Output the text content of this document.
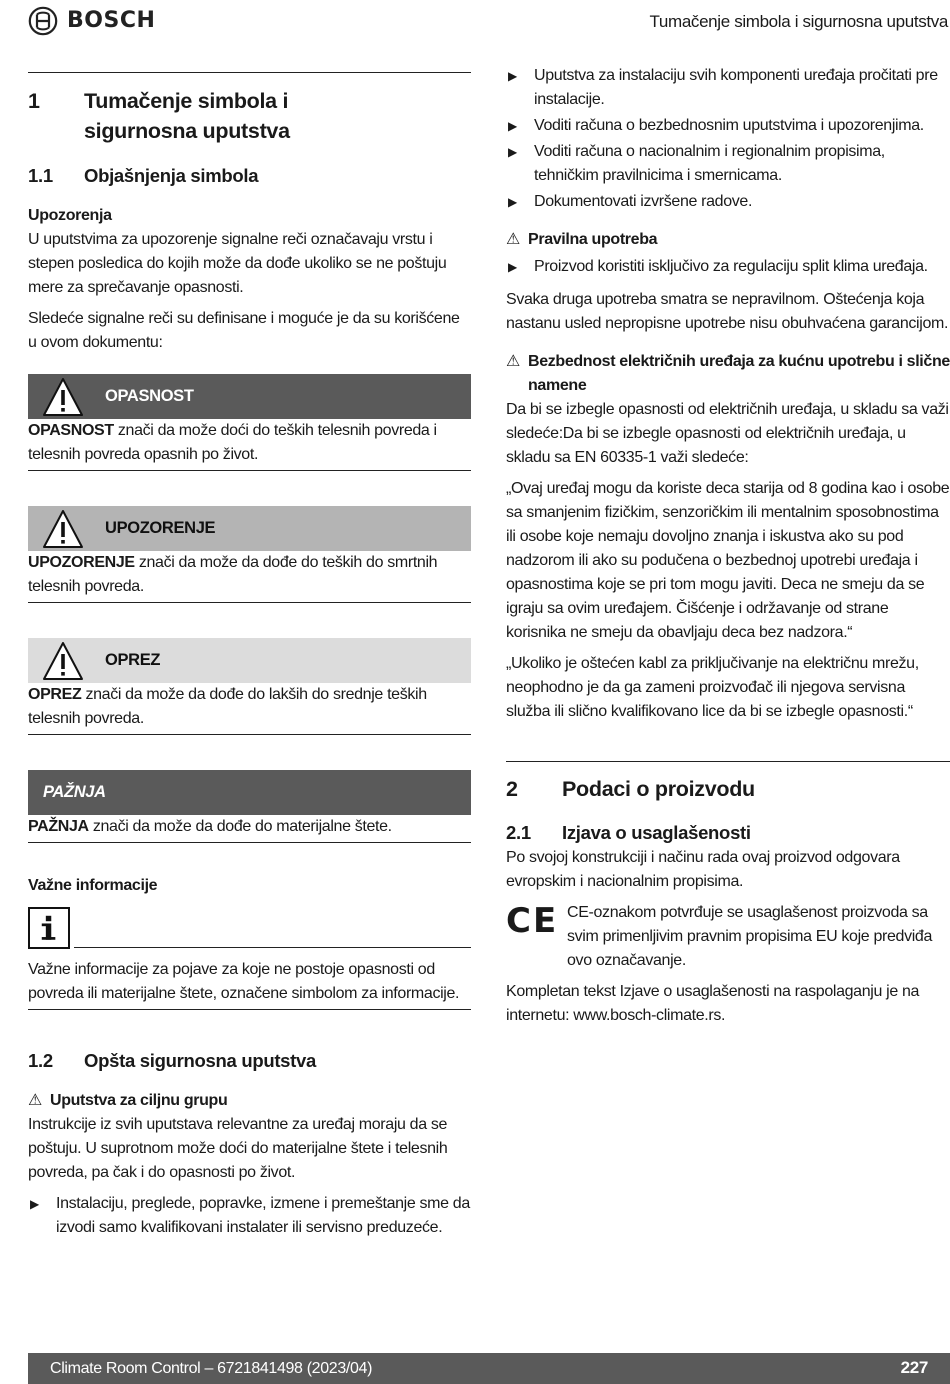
BOSCH	Tumačenje simbola i sigurnosna uputstva
1	Tumačenje simbola i sigurnosna uputstva
1.1	Objašnjenja simbola
Upozorenja

U uputstvima za upozorenje signalne reči označavaju vrstu i stepen posledica do kojih može da dođe ukoliko se ne poštuju mere za sprečavanje opasnosti.

Sledeće signalne reči su definisane i moguće je da su korišćene u ovom dokumentu:

OPASNOST

OPASNOST znači da može doći do teških telesnih povreda i telesnih povreda opasnih po život.

UPOZORENJE

UPOZORENJE znači da može da dođe do teških do smrtnih telesnih povreda.

OPREZ

OPREZ znači da može da dođe do lakših do srednje teških telesnih povreda.

PAŽNJA

PAŽNJA znači da može da dođe do materijalne štete.

Važne informacije

Važne informacije za pojave za koje ne postoje opasnosti od povreda ili materijalne štete, označene simbolom za informacije.

1.2	Opšta sigurnosna uputstva
⚠ Uputstva za ciljnu grupu

Instrukcije iz svih uputstava relevantne za uređaj moraju da se poštuju. U suprotnom može doći do materijalne štete i telesnih povreda, pa čak i do opasnosti po život.

▶	Instalaciju, preglede, popravke, izmene i premeštanje sme da izvodi samo kvalifikovani instalater ili servisno preduzeće.
▶	Uputstva za instalaciju svih komponenti uređaja pročitati pre instalacije.
▶	Voditi računa o bezbednosnim uputstvima i upozorenjima.
▶	Voditi računa o nacionalnim i regionalnim propisima, tehničkim pravilnicima i smernicama.
▶	Dokumentovati izvršene radove.
⚠ Pravilna upotreba
▶	Proizvod koristiti isključivo za regulaciju split klima uređaja.

Svaka druga upotreba smatra se nepravilnom. Oštećenja koja nastanu usled nepropisne upotrebe nisu obuhvaćena garancijom.

⚠ Bezbednost električnih uređaja za kućnu upotrebu i slične namene

Da bi se izbegle opasnosti od električnih uređaja, u skladu sa važi sledeće:Da bi se izbegle opasnosti od električnih uređaja, u skladu sa EN 60335-1 važi sledeće:

„Ovaj uređaj mogu da koriste deca starija od 8 godina kao i osobe sa smanjenim fizičkim, senzoričkim ili mentalnim sposobnostima ili osobe koje nemaju dovoljno znanja i iskustva ako su pod nadzorom ili ako su podučena o bezbednoj upotrebi uređaja i opasnostima koje se pri tom mogu javiti. Deca ne smeju da se igraju sa ovim uređajem. Čišćenje i održavanje od strane korisnika ne smeju da obavljaju deca bez nadzora.“

„Ukoliko je oštećen kabl za priključivanje na električnu mrežu, neophodno je da ga zameni proizvođač ili njegova servisna služba ili slično kvalifikovano lice da bi se izbegle opasnosti.“

2	Podaci o proizvodu
2.1	Izjava o usaglašenosti

Po svojoj konstrukciji i načinu rada ovaj proizvod odgovara evropskim i nacionalnim propisima.

CE CE-oznakom potvrđuje se usaglašenost proizvoda sa svim primenljivim pravnim propisima EU koje predviđa ovo označavanje.

Kompletan tekst Izjave o usaglašenosti na raspolaganju je na internetu: www.bosch-climate.rs.

Climate Room Control – 6721841498 (2023/04)	227
